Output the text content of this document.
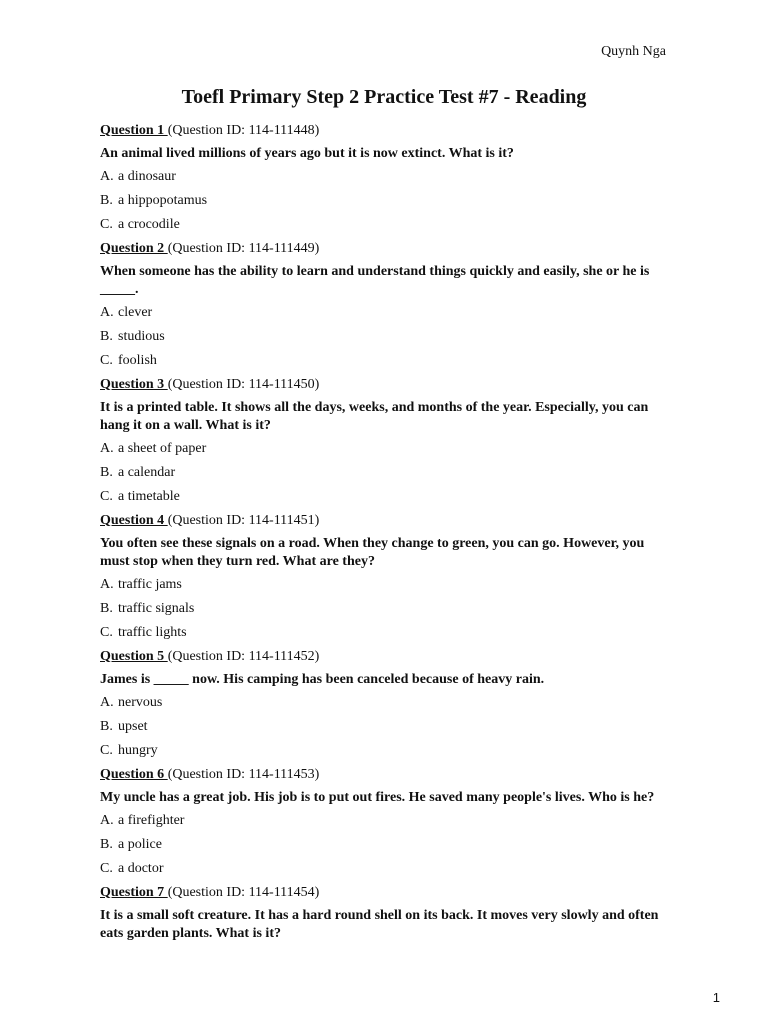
Quynh Nga
Toefl Primary Step 2 Practice Test #7 - Reading

Question 1 (Question ID: 114-111448)

An animal lived millions of years ago but it is now extinct. What is it?

A. a dinosaur
B. a hippopotamus
C. a crocodile

Question 2 (Question ID: 114-111449)

When someone has the ability to learn and understand things quickly and easily, she or he is _____.

A. clever
B. studious
C. foolish

Question 3 (Question ID: 114-111450)

It is a printed table. It shows all the days, weeks, and months of the year. Especially, you can hang it on a wall. What is it?

A. a sheet of paper
B. a calendar
C. a timetable

Question 4 (Question ID: 114-111451)

You often see these signals on a road. When they change to green, you can go. However, you must stop when they turn red. What are they?

A. traffic jams
B. traffic signals
C. traffic lights

Question 5 (Question ID: 114-111452)

James is _____ now. His camping has been canceled because of heavy rain.

A. nervous
B. upset
C. hungry

Question 6 (Question ID: 114-111453)

My uncle has a great job. His job is to put out fires. He saved many people's lives. Who is he?

A. a firefighter
B. a police
C. a doctor

Question 7 (Question ID: 114-111454)

It is a small soft creature. It has a hard round shell on its back. It moves very slowly and often eats garden plants. What is it?

1
